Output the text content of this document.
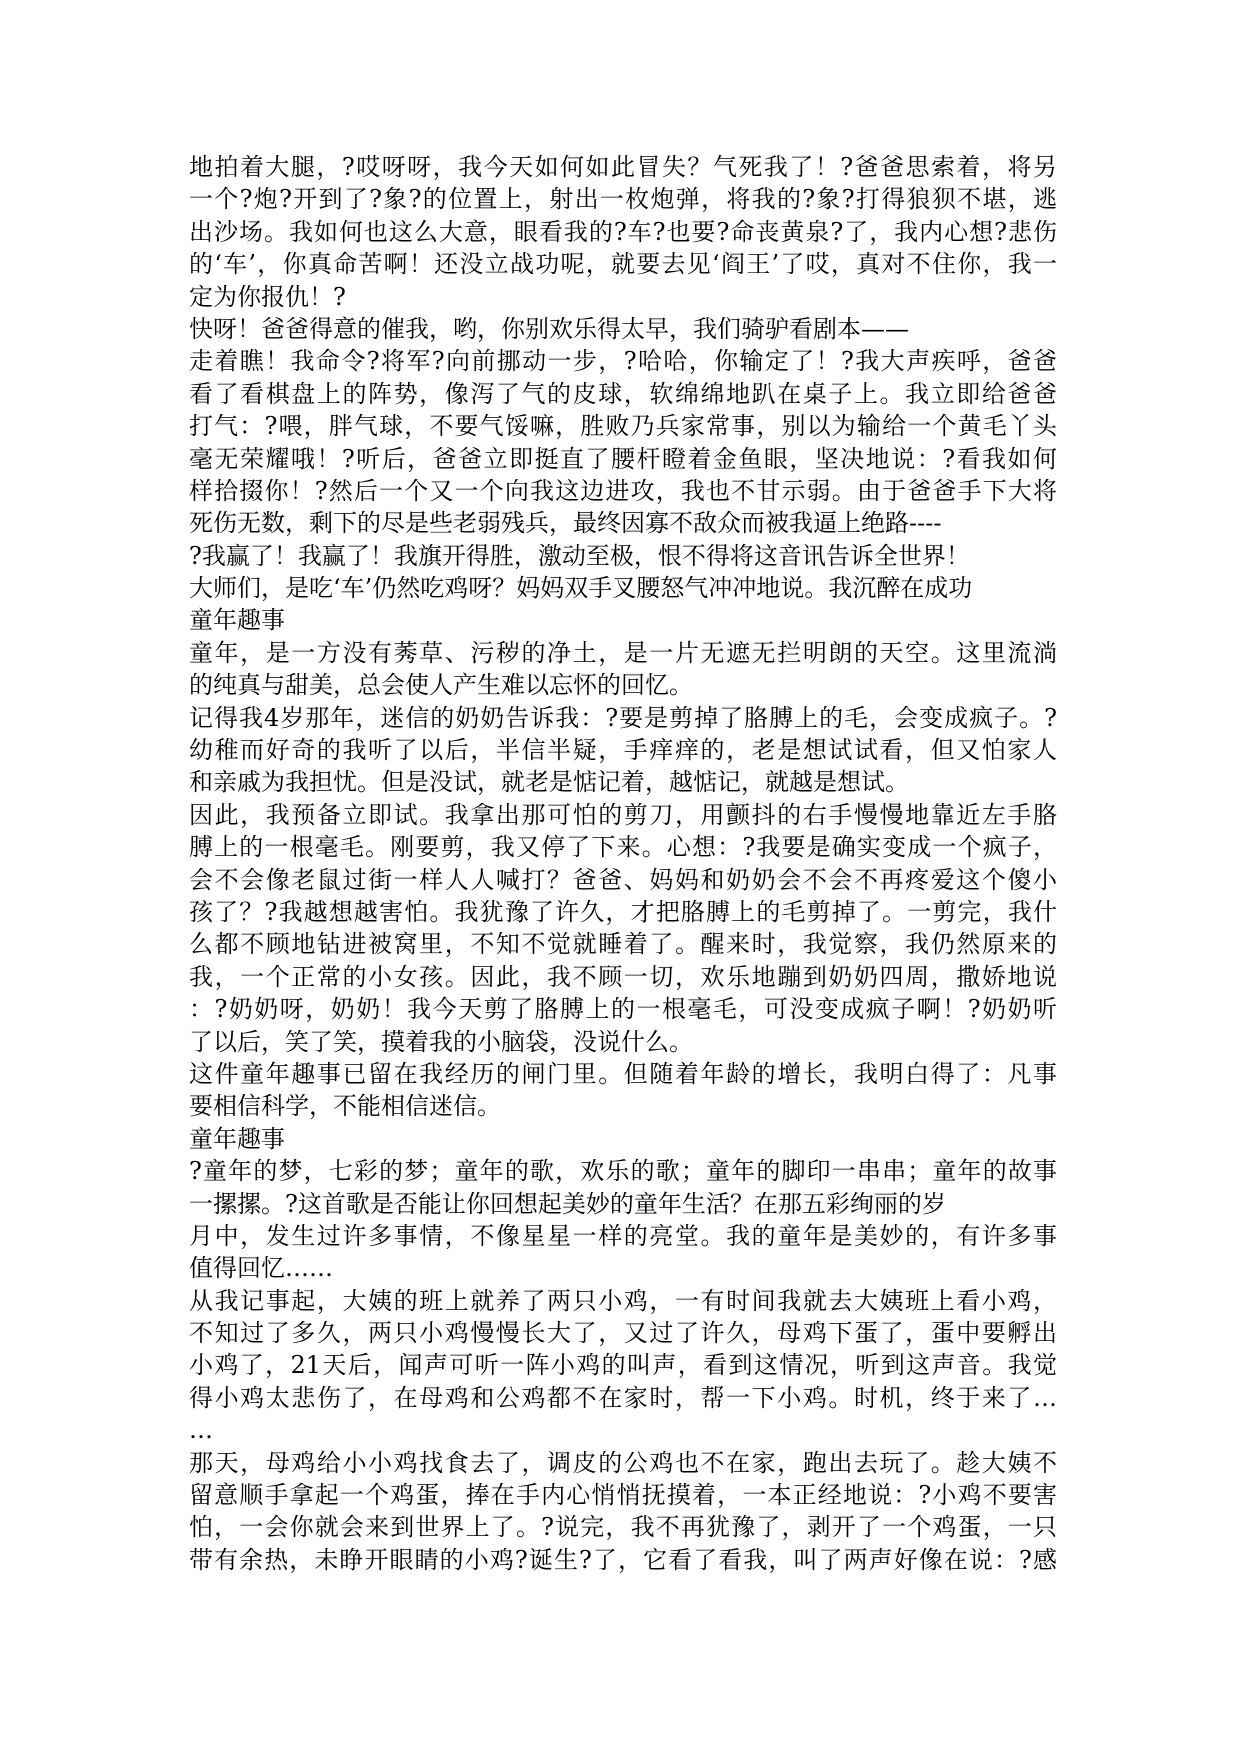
地拍着大腿，?哎呀呀，我今天如何如此冒失？气死我了！?爸爸思索着，将另
一个?炮?开到了?象?的位置上，射出一枚炮弹，将我的?象?打得狼狈不堪，逃
出沙场。我如何也这么大意，眼看我的?车?也要?命丧黄泉?了，我内心想?悲伤
的‘车’，你真命苦啊！还没立战功呢，就要去见‘阎王’了哎，真对不住你，我一
定为你报仇！?
快呀！爸爸得意的催我，哟，你别欢乐得太早，我们骑驴看剧本——
走着瞧！我命令?将军?向前挪动一步，?哈哈，你输定了！?我大声疾呼，爸爸
看了看棋盘上的阵势，像泻了气的皮球，软绵绵地趴在桌子上。我立即给爸爸
打气：?喂，胖气球，不要气馁嘛，胜败乃兵家常事，别以为输给一个黄毛丫头
毫无荣耀哦！?听后，爸爸立即挺直了腰杆瞪着金鱼眼，坚决地说：?看我如何
样拾掇你！?然后一个又一个向我这边进攻，我也不甘示弱。由于爸爸手下大将
死伤无数，剩下的尽是些老弱残兵，最终因寡不敌众而被我逼上绝路----
?我赢了！我赢了！我旗开得胜，激动至极，恨不得将这音讯告诉全世界！
大师们，是吃‘车’仍然吃鸡呀？妈妈双手叉腰怒气冲冲地说。我沉醉在成功
童年趣事
童年，是一方没有莠草、污秽的净土，是一片无遮无拦明朗的天空。这里流淌
的纯真与甜美，总会使人产生难以忘怀的回忆。
记得我4岁那年，迷信的奶奶告诉我：?要是剪掉了胳膊上的毛，会变成疯子。?
幼稚而好奇的我听了以后，半信半疑，手痒痒的，老是想试试看，但又怕家人
和亲戚为我担忧。但是没试，就老是惦记着，越惦记，就越是想试。
因此，我预备立即试。我拿出那可怕的剪刀，用颤抖的右手慢慢地靠近左手胳
膊上的一根毫毛。刚要剪，我又停了下来。心想：?我要是确实变成一个疯子，
会不会像老鼠过街一样人人喊打？爸爸、妈妈和奶奶会不会不再疼爱这个傻小
孩了？?我越想越害怕。我犹豫了许久，才把胳膊上的毛剪掉了。一剪完，我什
么都不顾地钻进被窝里，不知不觉就睡着了。醒来时，我觉察，我仍然原来的
我，一个正常的小女孩。因此，我不顾一切，欢乐地蹦到奶奶四周，撒娇地说
：?奶奶呀，奶奶！我今天剪了胳膊上的一根毫毛，可没变成疯子啊！?奶奶听
了以后，笑了笑，摸着我的小脑袋，没说什么。
这件童年趣事已留在我经历的闸门里。但随着年龄的增长，我明白得了：凡事
要相信科学，不能相信迷信。
童年趣事
?童年的梦，七彩的梦；童年的歌，欢乐的歌；童年的脚印一串串；童年的故事
一摞摞。?这首歌是否能让你回想起美妙的童年生活？在那五彩绚丽的岁
月中，发生过许多事情，不像星星一样的亮堂。我的童年是美妙的，有许多事
值得回忆……
从我记事起，大姨的班上就养了两只小鸡，一有时间我就去大姨班上看小鸡，
不知过了多久，两只小鸡慢慢长大了，又过了许久，母鸡下蛋了，蛋中要孵出
小鸡了，21天后，闻声可听一阵小鸡的叫声，看到这情况，听到这声音。我觉
得小鸡太悲伤了，在母鸡和公鸡都不在家时，帮一下小鸡。时机，终于来了…
…
那天，母鸡给小小鸡找食去了，调皮的公鸡也不在家，跑出去玩了。趁大姨不
留意顺手拿起一个鸡蛋，捧在手内心悄悄抚摸着，一本正经地说：?小鸡不要害
怕，一会你就会来到世界上了。?说完，我不再犹豫了，剥开了一个鸡蛋，一只
带有余热，未睁开眼睛的小鸡?诞生?了，它看了看我，叫了两声好像在说：?感
